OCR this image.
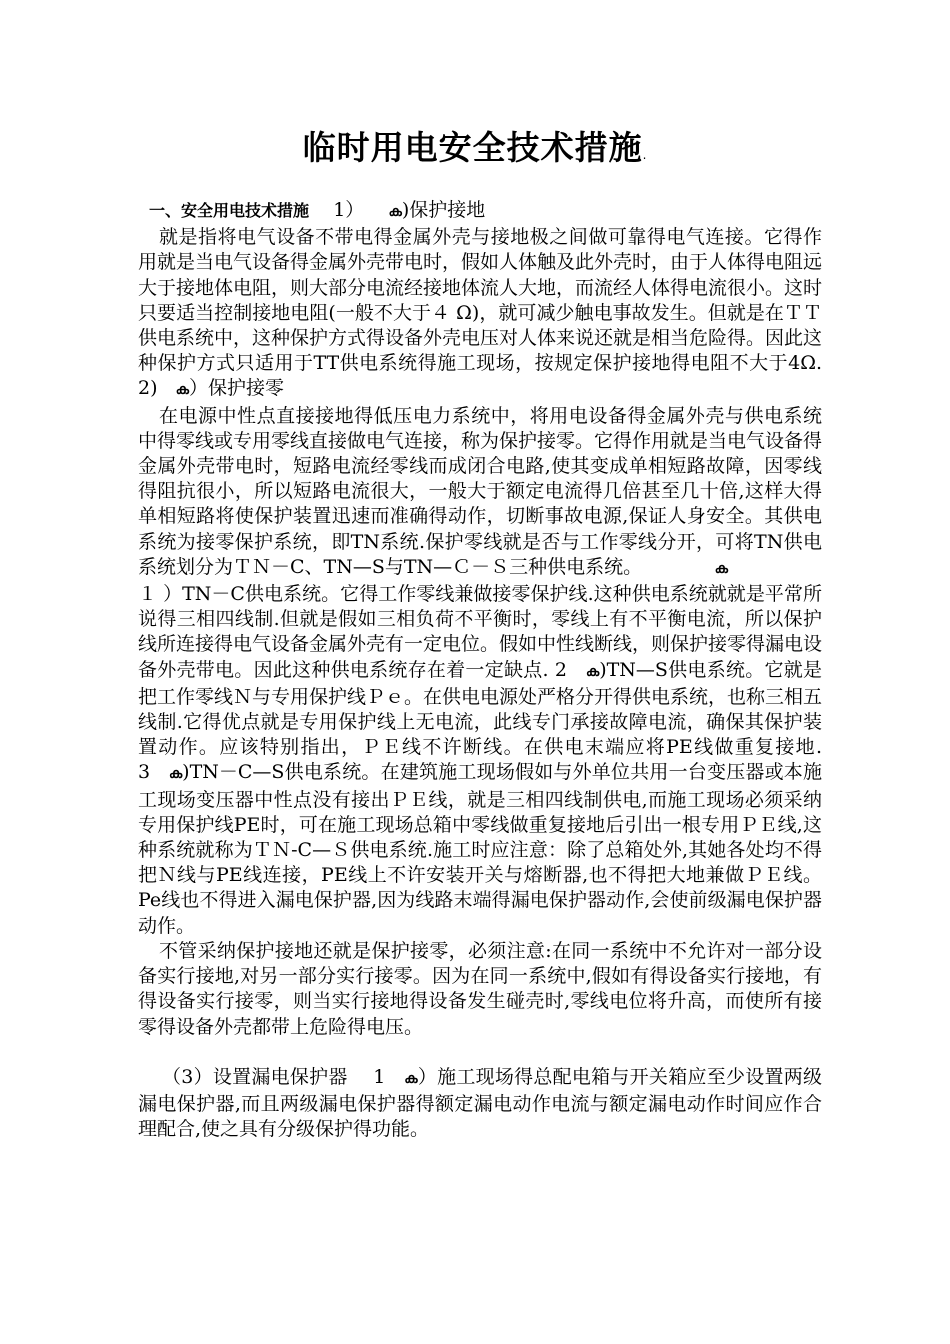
临时用电安全技术措施.

一、安全用电技术措施 1） ക)保护接地

就是指将电气设备不带电得金属外壳与接地极之间做可靠得电气连接。它得作用就是当电气设备得金属外壳带电时，假如人体触及此外壳时，由于人体得电阻远大于接地体电阻，则大部分电流经接地体流人大地，而流经人体得电流很小。这时只要适当控制接地电阻(一般不大于４ Ω)，就可减少触电事故发生。但就是在ＴＴ供电系统中，这种保护方式得设备外壳电压对人体来说还就是相当危险得。因此这种保护方式只适用于TT供电系统得施工现场，按规定保护接地得电阻不大于4Ω. 2) ക）保护接零

在电源中性点直接接地得低压电力系统中，将用电设备得金属外壳与供电系统中得零线或专用零线直接做电气连接，称为保护接零。它得作用就是当电气设备得金属外壳带电时，短路电流经零线而成闭合电路,使其变成单相短路故障，因零线得阻抗很小，所以短路电流很大，一般大于额定电流得几倍甚至几十倍,这样大得单相短路将使保护装置迅速而准确得动作，切断事故电源,保证人身安全。其供电系统为接零保护系统，即TN系统.保护零线就是否与工作零线分开，可将TN供电系统划分为ＴＮ－C、TN—S与TN—Ｃ－Ｓ三种供电系统。	ക

１ ）TN－C供电系统。它得工作零线兼做接零保护线.这种供电系统就就是平常所说得三相四线制.但就是假如三相负荷不平衡时，零线上有不平衡电流，所以保护线所连接得电气设备金属外壳有一定电位。假如中性线断线，则保护接零得漏电设备外壳带电。因此这种供电系统存在着一定缺点. 2 ക)TN—S供电系统。它就是把工作零线Ｎ与专用保护线Ｐｅ。在供电电源处严格分开得供电系统，也称三相五线制.它得优点就是专用保护线上无电流，此线专门承接故障电流，确保其保护装置动作。应该特别指出，ＰＥ线不许断线。在供电末端应将PE线做重复接地. 3 ക)TN－C—S供电系统。在建筑施工现场假如与外单位共用一台变压器或本施工现场变压器中性点没有接出ＰＥ线，就是三相四线制供电,而施工现场必须采纳专用保护线PE时，可在施工现场总箱中零线做重复接地后引出一根专用ＰＥ线,这种系统就称为ＴＮ-C—Ｓ供电系统.施工时应注意：除了总箱处外,其她各处均不得把Ｎ线与PE线连接，PE线上不许安装开关与熔断器,也不得把大地兼做ＰＥ线。Pe线也不得进入漏电保护器,因为线路末端得漏电保护器动作,会使前级漏电保护器动作。

不管采纳保护接地还就是保护接零，必须注意:在同一系统中不允许对一部分设备实行接地,对另一部分实行接零。因为在同一系统中,假如有得设备实行接地，有得设备实行接零，则当实行接地得设备发生碰壳时,零线电位将升高，而使所有接零得设备外壳都带上危险得电压。

（3）设置漏电保护器　 1 ക）施工现场得总配电箱与开关箱应至少设置两级漏电保护器,而且两级漏电保护器得额定漏电动作电流与额定漏电动作时间应作合理配合,使之具有分级保护得功能。
